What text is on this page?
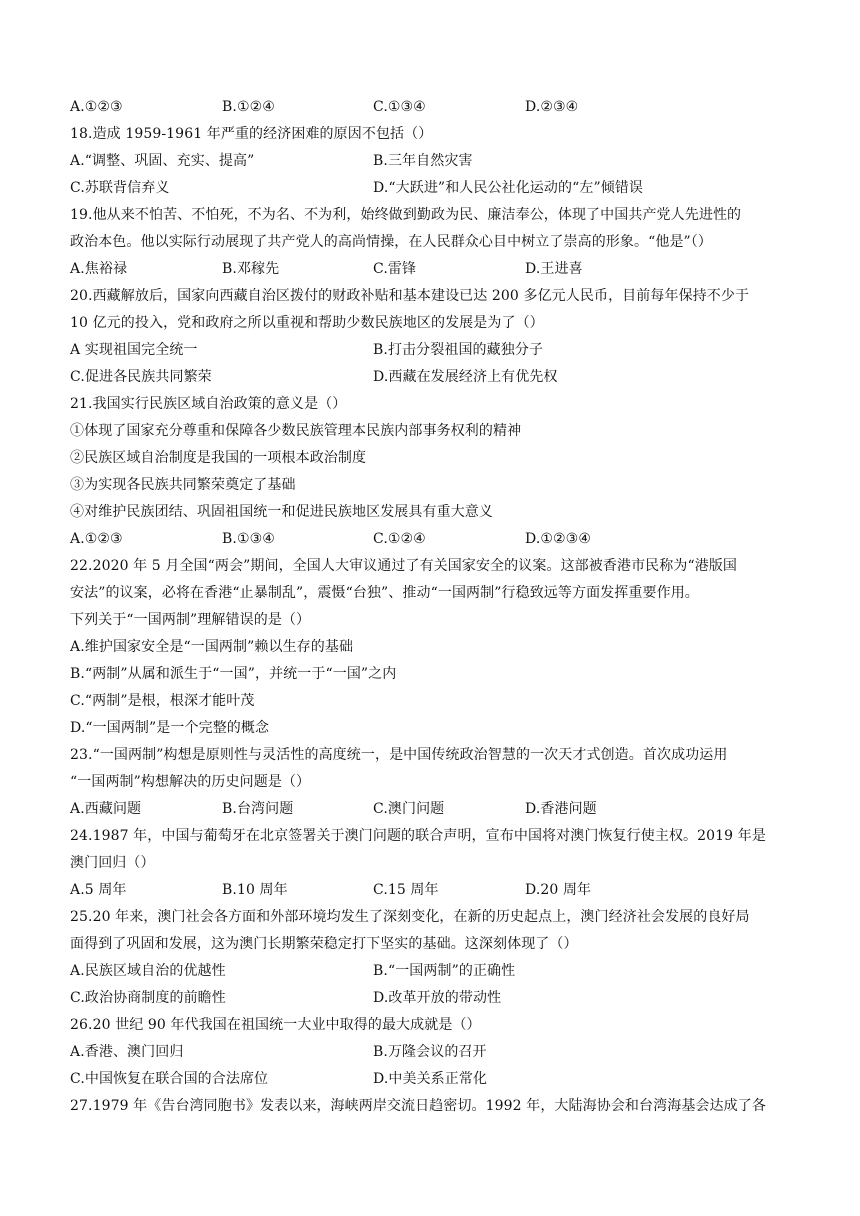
A.①②③	B.①②④	C.①③④	D.②③④
18.造成 1959-1961 年严重的经济困难的原因不包括（）
A.“调整、巩固、充实、提高”	B.三年自然灾害
C.苏联背信弃义	D.“大跃进”和人民公社化运动的“左”倾错误
19.他从来不怕苦、不怕死，不为名、不为利，始终做到勤政为民、廉洁奉公，体现了中国共产党人先进性的
政治本色。他以实际行动展现了共产党人的高尚情操，在人民群众心目中树立了崇高的形象。“他是”（）
A.焦裕禄	B.邓稼先	C.雷锋	D.王进喜
20.西藏解放后，国家向西藏自治区拨付的财政补贴和基本建设已达 200 多亿元人民币，目前每年保持不少于
10 亿元的投入，党和政府之所以重视和帮助少数民族地区的发展是为了（）
A 实现祖国完全统一	B.打击分裂祖国的藏独分子
C.促进各民族共同繁荣	D.西藏在发展经济上有优先权
21.我国实行民族区域自治政策的意义是（）
①体现了国家充分尊重和保障各少数民族管理本民族内部事务权利的精神
②民族区域自治制度是我国的一项根本政治制度
③为实现各民族共同繁荣奠定了基础
④对维护民族团结、巩固祖国统一和促进民族地区发展具有重大意义
A.①②③	B.①③④	C.①②④	D.①②③④
22.2020 年 5 月全国“两会”期间，全国人大审议通过了有关国家安全的议案。这部被香港市民称为“港版国
安法”的议案，必将在香港“止暴制乱”，震慑“台独”、推动“一国两制”行稳致远等方面发挥重要作用。
下列关于“一国两制”理解错误的是（）
A.维护国家安全是“一国两制”赖以生存的基础
B.“两制”从属和派生于“一国”，并统一于“一国”之内
C.“两制”是根，根深才能叶茂
D.“一国两制”是一个完整的概念
23.“一国两制”构想是原则性与灵活性的高度统一，是中国传统政治智慧的一次天才式创造。首次成功运用
“一国两制”构想解决的历史问题是（）
A.西藏问题	B.台湾问题	C.澳门问题	D.香港问题
24.1987 年，中国与葡萄牙在北京签署关于澳门问题的联合声明，宣布中国将对澳门恢复行使主权。2019 年是
澳门回归（）
A.5 周年	B.10 周年	C.15 周年	D.20 周年
25.20 年来，澳门社会各方面和外部环境均发生了深刻变化，在新的历史起点上，澳门经济社会发展的良好局
面得到了巩固和发展，这为澳门长期繁荣稳定打下坚实的基础。这深刻体现了（）
A.民族区域自治的优越性	B.“一国两制”的正确性
C.政治协商制度的前瞻性	D.改革开放的带动性
26.20 世纪 90 年代我国在祖国统一大业中取得的最大成就是（）
A.香港、澳门回归	B.万隆会议的召开
C.中国恢复在联合国的合法席位	D.中美关系正常化
27.1979 年《告台湾同胞书》发表以来，海峡两岸交流日趋密切。1992 年，大陆海协会和台湾海基会达成了各
